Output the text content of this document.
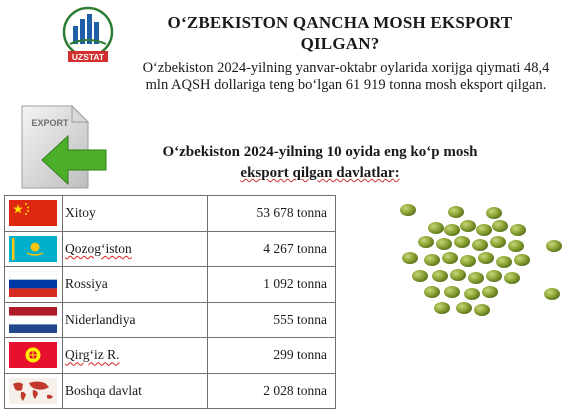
UZSTAT
O‘ZBEKISTON QANCHA MOSH EKSPORT QILGAN?
O‘zbekiston 2024-yilning yanvar-oktabr oylarida xorijga qiymati 48,4 mln AQSH dollariga teng bo‘lgan 61 919 tonna mosh eksport qilgan.
EXPORT
O‘zbekiston 2024-yilning 10 oyida eng ko‘p mosh
eksport qilgan davlatlar:
	Xitoy	53 678 tonna

	Qozog‘iston	4 267 tonna

	Rossiya	1 092 tonna

	Niderlandiya	555 tonna

	Qirg‘iz R.	299 tonna

	Boshqa davlat	2 028 tonna
